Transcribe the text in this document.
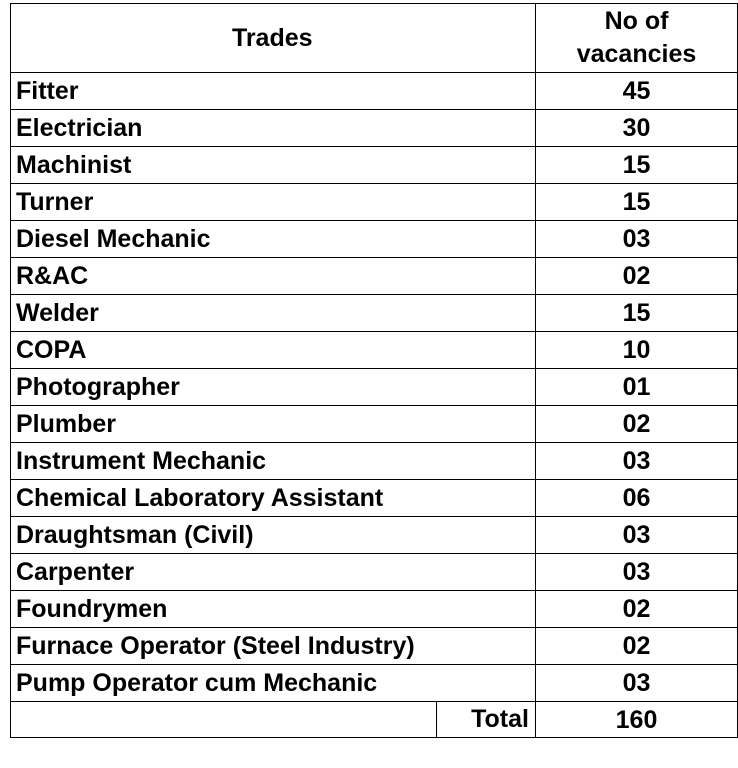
Trades		No of
vacancies
Fitter		45
Electrician		30
Machinist		15
Turner		15
Diesel Mechanic		03
R&AC		02
Welder		15
COPA		10
Photographer		01
Plumber		02
Instrument Mechanic		03
Chemical Laboratory Assistant		06
Draughtsman (Civil)		03
Carpenter		03
Foundrymen		02
Furnace Operator (Steel Industry)		02
Pump Operator cum Mechanic		03

Total		160
